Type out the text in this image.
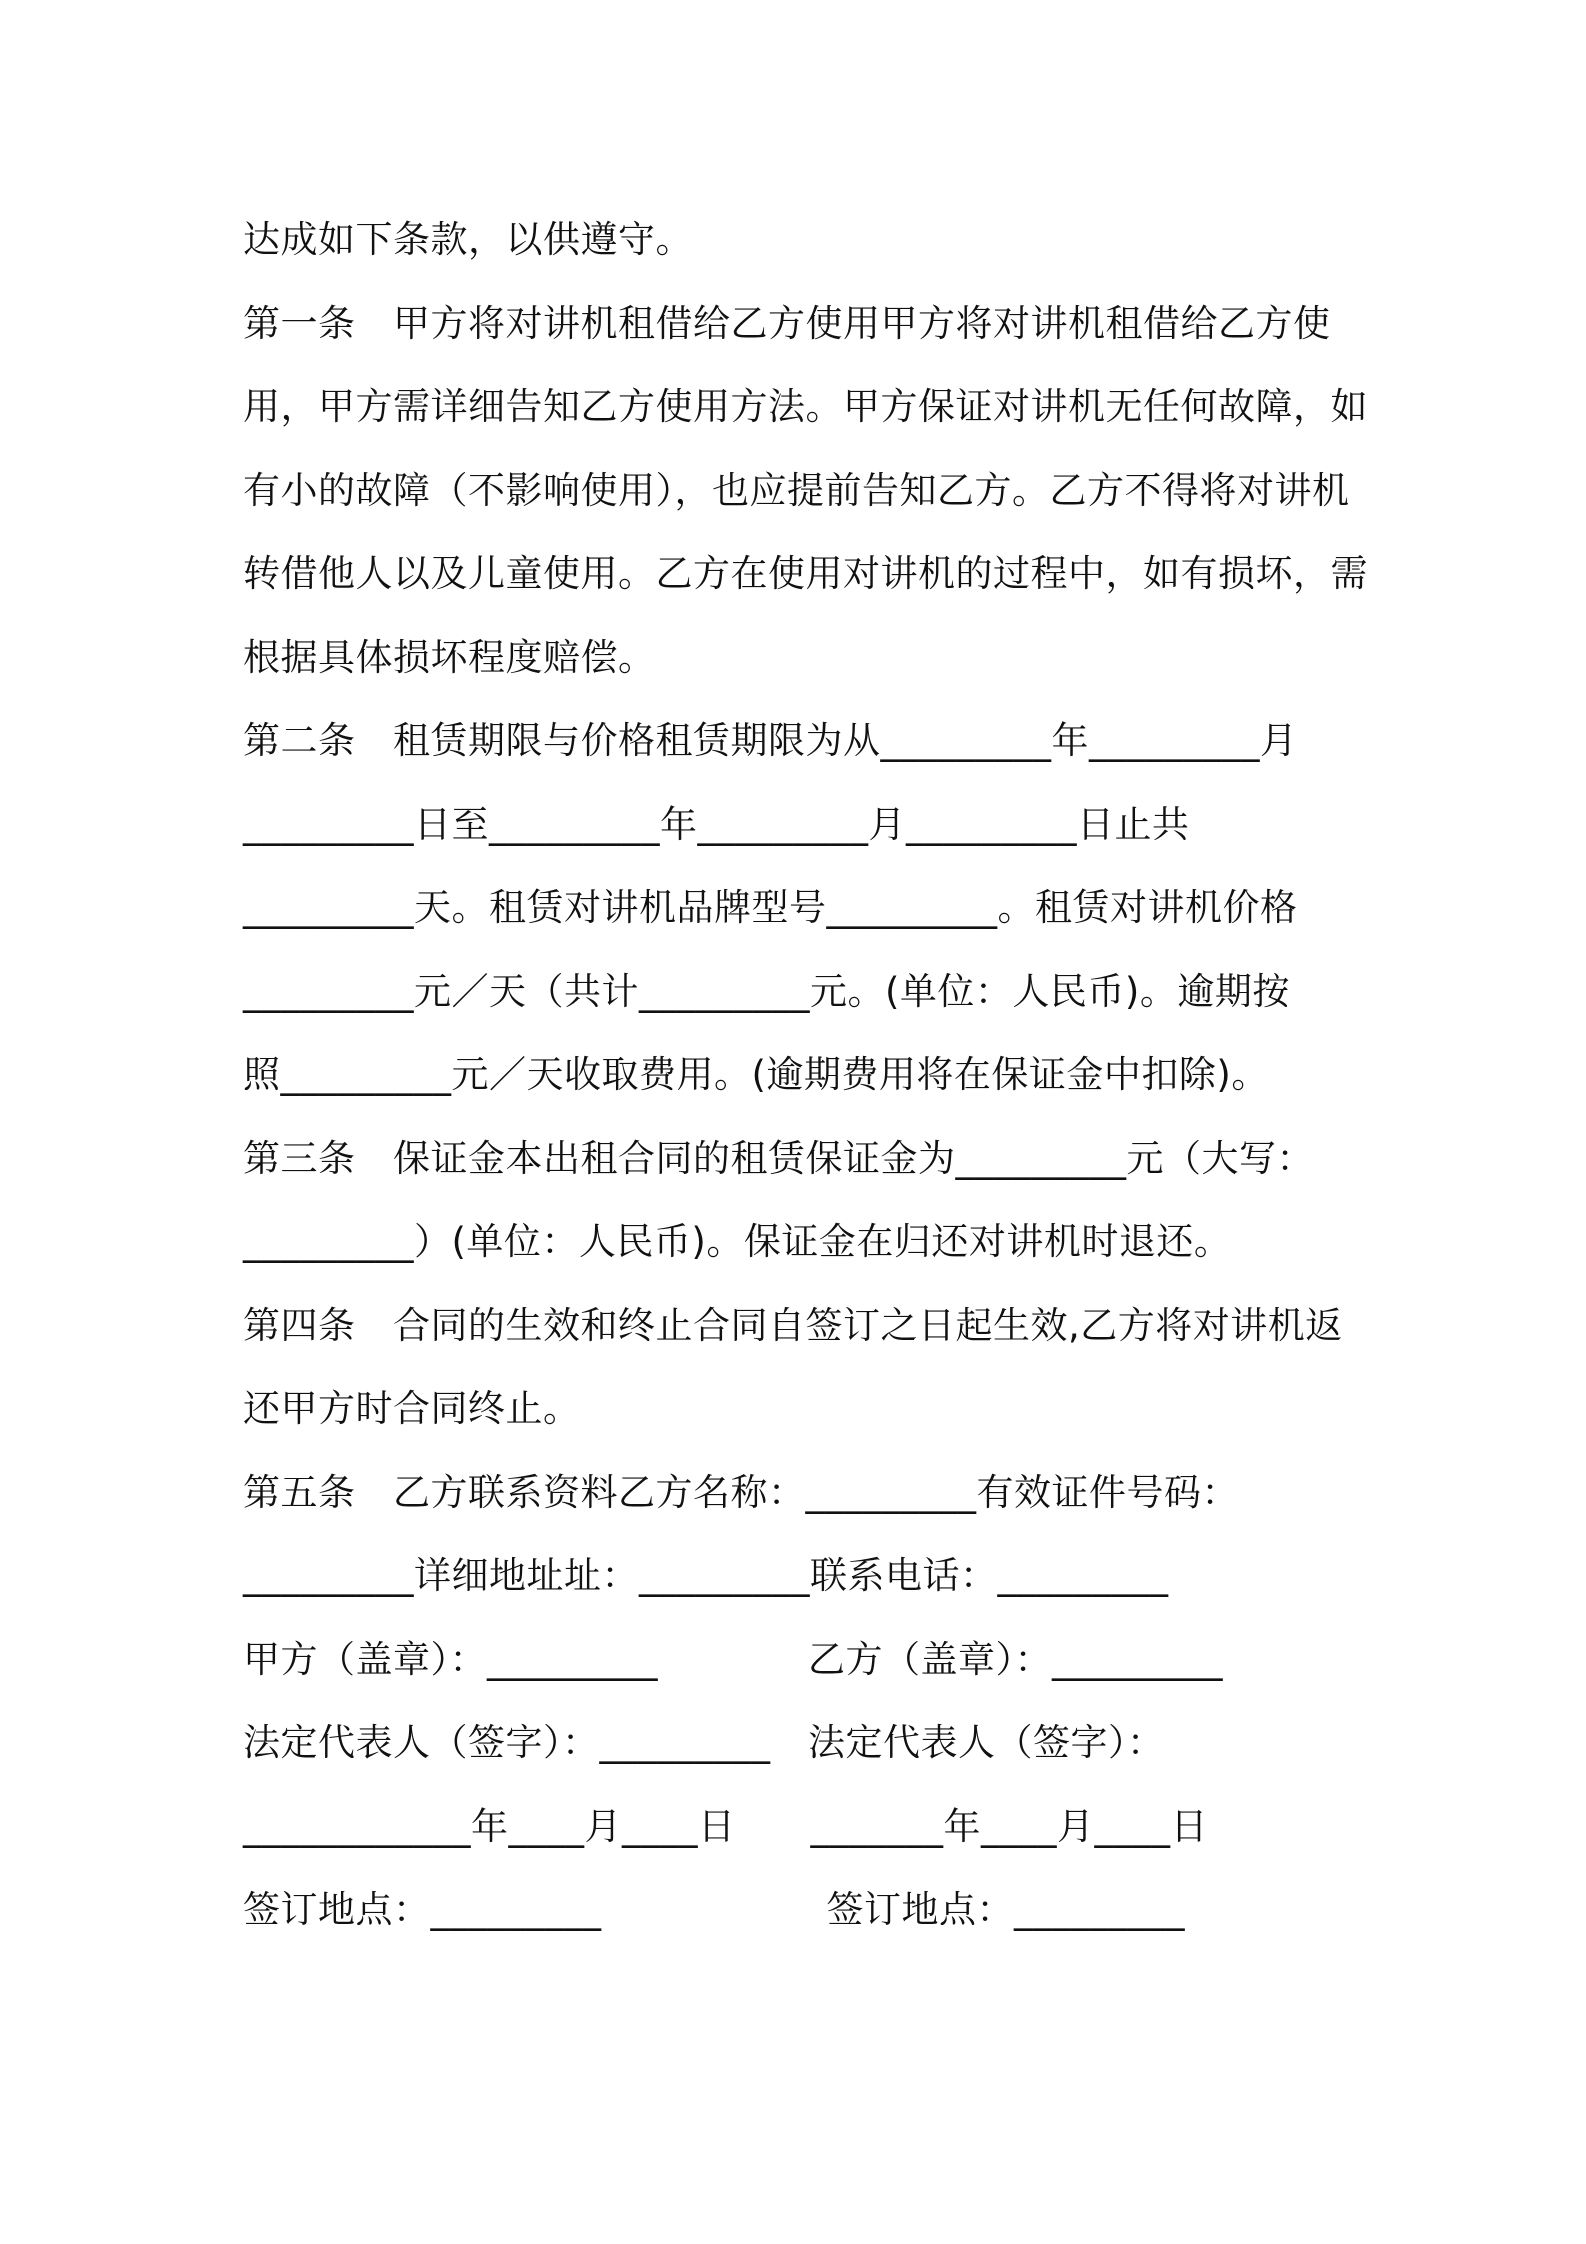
达成如下条款，以供遵守。
第一条　甲方将对讲机租借给乙方使用甲方将对讲机租借给乙方使
用，甲方需详细告知乙方使用方法。甲方保证对讲机无任何故障，如
有小的故障（不影响使用），也应提前告知乙方。乙方不得将对讲机
转借他人以及儿童使用。乙方在使用对讲机的过程中，如有损坏，需
根据具体损坏程度赔偿。
第二条　租赁期限与价格租赁期限为从_________年_________月
_________日至_________年_________月_________日止共
_________天。租赁对讲机品牌型号_________。租赁对讲机价格
_________元／天（共计_________元。(单位：人民币)。逾期按
照_________元／天收取费用。(逾期费用将在保证金中扣除)。
第三条　保证金本出租合同的租赁保证金为_________元（大写：
_________）(单位：人民币)。保证金在归还对讲机时退还。
第四条　合同的生效和终止合同自签订之日起生效,乙方将对讲机返
还甲方时合同终止。
第五条　乙方联系资料乙方名称：_________有效证件号码：
_________详细地址址：_________联系电话：_________
甲方（盖章）：_________　　　　乙方（盖章）：_________
法定代表人（签字）：_________　法定代表人（签字）：
____________年____月____日　　_______年____月____日
签订地点：_________　　　　　　签订地点：_________
